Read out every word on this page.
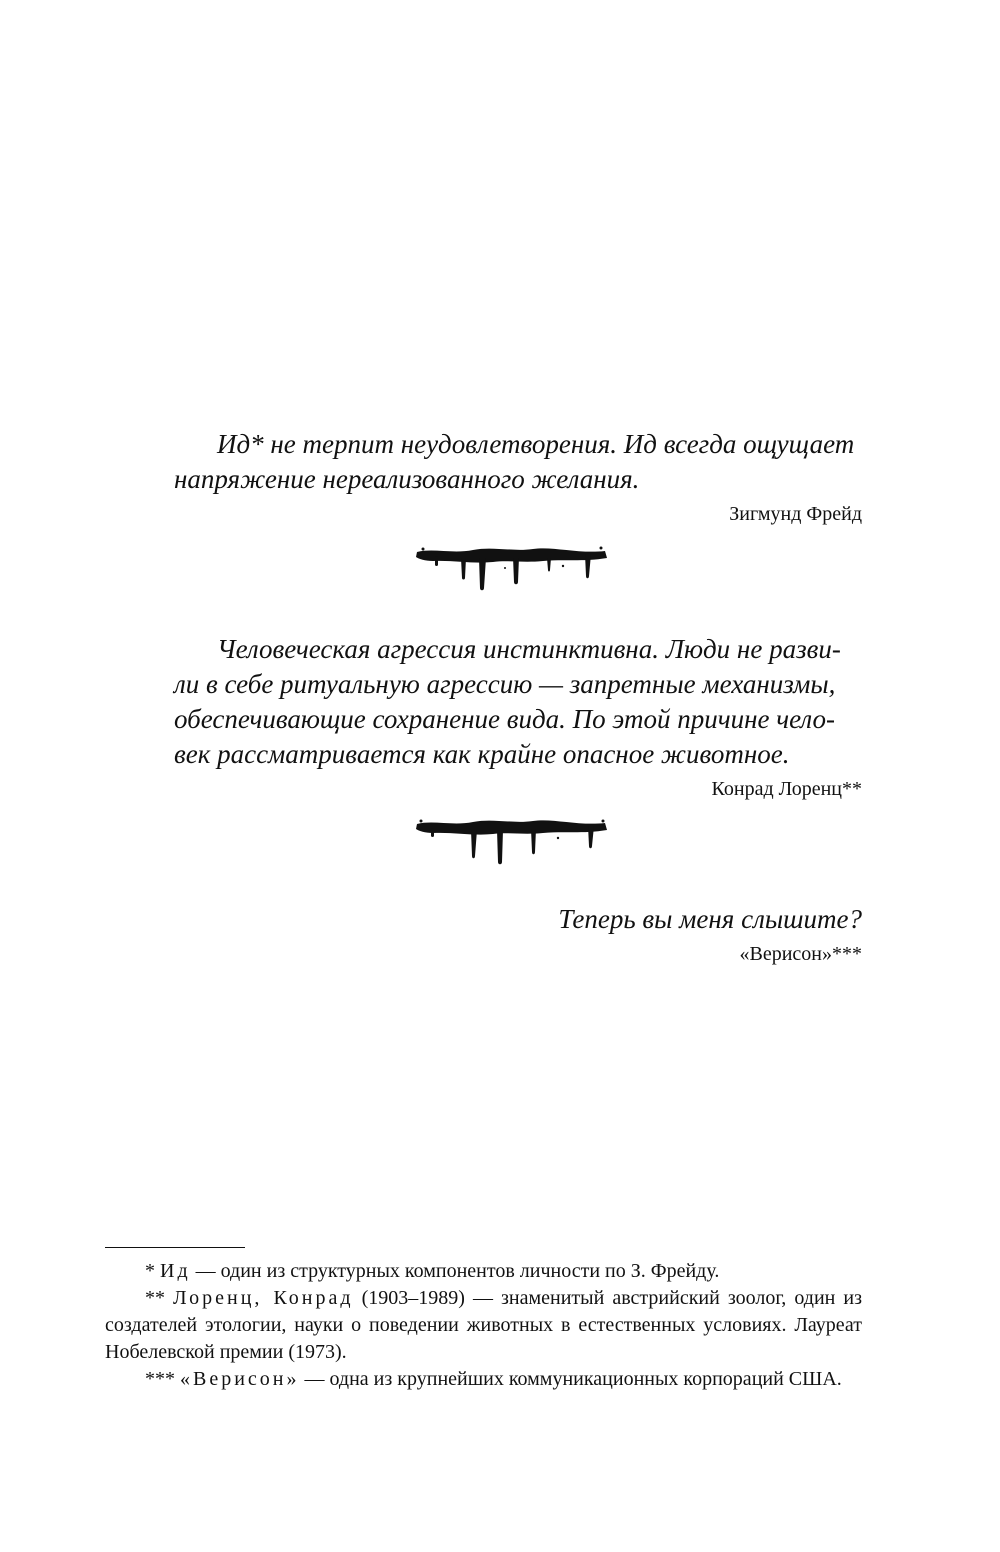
Ид* не терпит неудовлетворения. Ид всегда ощущает
напряжение нереализованного желания.

Зигмунд Фрейд

Человеческая агрессия инстинктивна. Люди не разви-
ли в себе ритуальную агрессию — запретные механизмы,
обеспечивающие сохранение вида. По этой причине чело-
век рассматривается как крайне опасное животное.

Конрад Лоренц**

Теперь вы меня слышите?

«Верисон»***

* Ид — один из структурных компонентов личности по З. Фрейду.

** Лоренц, Конрад (1903–1989) — знаменитый австрийский зоолог, один из создателей этологии, науки о поведении животных в естественных условиях. Лауреат Нобелевской премии (1973).

*** «Верисон» — одна из крупнейших коммуникационных корпораций США.
